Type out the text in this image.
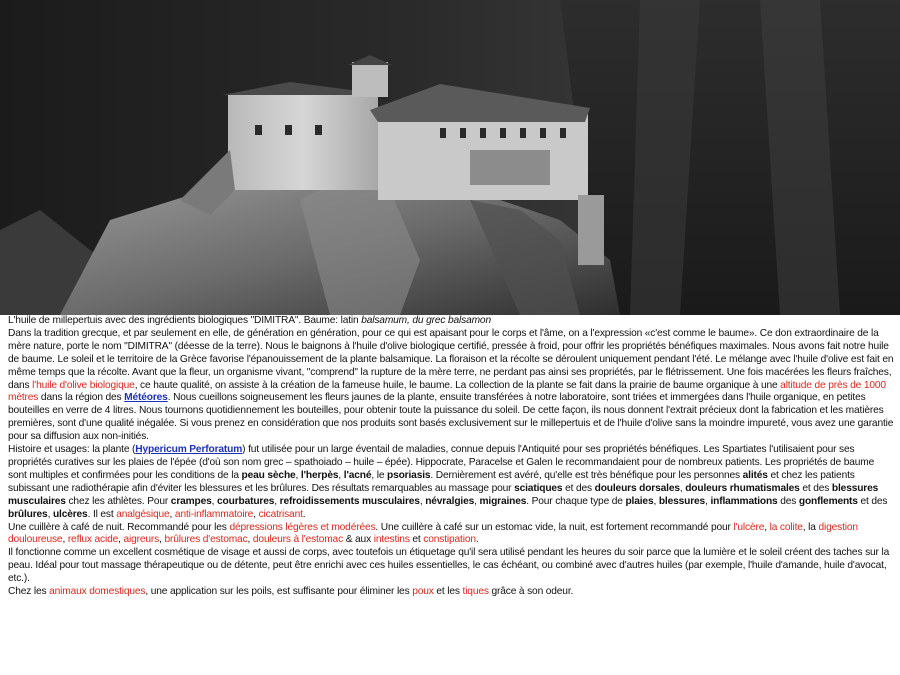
L'huile de millepertuis avec des ingrédients biologiques "DIMITRA". Baume: latin balsamum, du grec balsamon

Dans la tradition grecque, et par seulement en elle, de génération en génération, pour ce qui est apaisant pour le corps et l'âme, on a l'expression «c'est comme le baume». Ce don extraordinaire de la mère nature, porte le nom "DIMITRA" (déesse de la terre). Nous le baignons à l'huile d'olive biologique certifié, pressée à froid, pour offrir les propriétés bénéfiques maximales. Nous avons fait notre huile de baume. Le soleil et le territoire de la Grèce favorise l'épanouissement de la plante balsamique. La floraison et la récolte se déroulent uniquement pendant l'été. Le mélange avec l'huile d'olive est fait en même temps que la récolte. Avant que la fleur, un organisme vivant, "comprend" la rupture de la mère terre, ne perdant pas ainsi ses propriétés, par le flétrissement. Une fois macérées les fleurs fraîches, dans l'huile d'olive biologique, ce haute qualité, on assiste à la création de la fameuse huile, le baume. La collection de la plante se fait dans la prairie de baume organique à une altitude de près de 1000 mètres dans la région des Météores. Nous cueillons soigneusement les fleurs jaunes de la plante, ensuite transférées à notre laboratoire, sont triées et immergées dans l'huile organique, en petites bouteilles en verre de 4 litres. Nous tournons quotidiennement les bouteilles, pour obtenir toute la puissance du soleil. De cette façon, ils nous donnent l'extrait précieux dont la fabrication et les matières premières, sont d'une qualité inégalée. Si vous prenez en considération que nos produits sont basés exclusivement sur le millepertuis et de l'huile d'olive sans la moindre impureté, vous avez une garantie pour sa diffusion aux non-initiés.

Histoire et usages: la plante (Hypericum Perforatum) fut utilisée pour un large éventail de maladies, connue depuis l'Antiquité pour ses propriétés bénéfiques. Les Spartiates l'utilisaient pour ses propriétés curatives sur les plaies de l'épée (d'où son nom grec – spathoiado – huile – épée). Hippocrate, Paracelse et Galen le recommandaient pour de nombreux patients. Les propriétés de baume sont multiples et confirmées pour les conditions de la peau sèche, l'herpès, l'acné, le psoriasis. Dernièrement est avéré, qu'elle est très bénéfique pour les personnes alités et chez les patients subissant une radiothérapie afin d'éviter les blessures et les brûlures. Des résultats remarquables au massage pour sciatiques et des douleurs dorsales, douleurs rhumatismales et des blessures musculaires chez les athlètes. Pour crampes, courbatures, refroidissements musculaires, névralgies, migraines. Pour chaque type de plaies, blessures, inflammations des gonflements et des brûlures, ulcères. Il est analgésique, anti-inflammatoire, cicatrisant.

Une cuillère à café de nuit. Recommandé pour les dépressions légères et modérées. Une cuillère à café sur un estomac vide, la nuit, est fortement recommandé pour l'ulcère, la colite, la digestion douloureuse, reflux acide, aigreurs, brûlures d'estomac, douleurs à l'estomac & aux intestins et constipation.

Il fonctionne comme un excellent cosmétique de visage et aussi de corps, avec toutefois un étiquetage qu'il sera utilisé pendant les heures du soir parce que la lumière et le soleil créent des taches sur la peau. Idéal pour tout massage thérapeutique ou de détente, peut être enrichi avec ces huiles essentielles, le cas échéant, ou combiné avec d'autres huiles (par exemple, l'huile d'amande, huile d'avocat, etc.).

Chez les animaux domestiques, une application sur les poils, est suffisante pour éliminer les poux et les tiques grâce à son odeur.
